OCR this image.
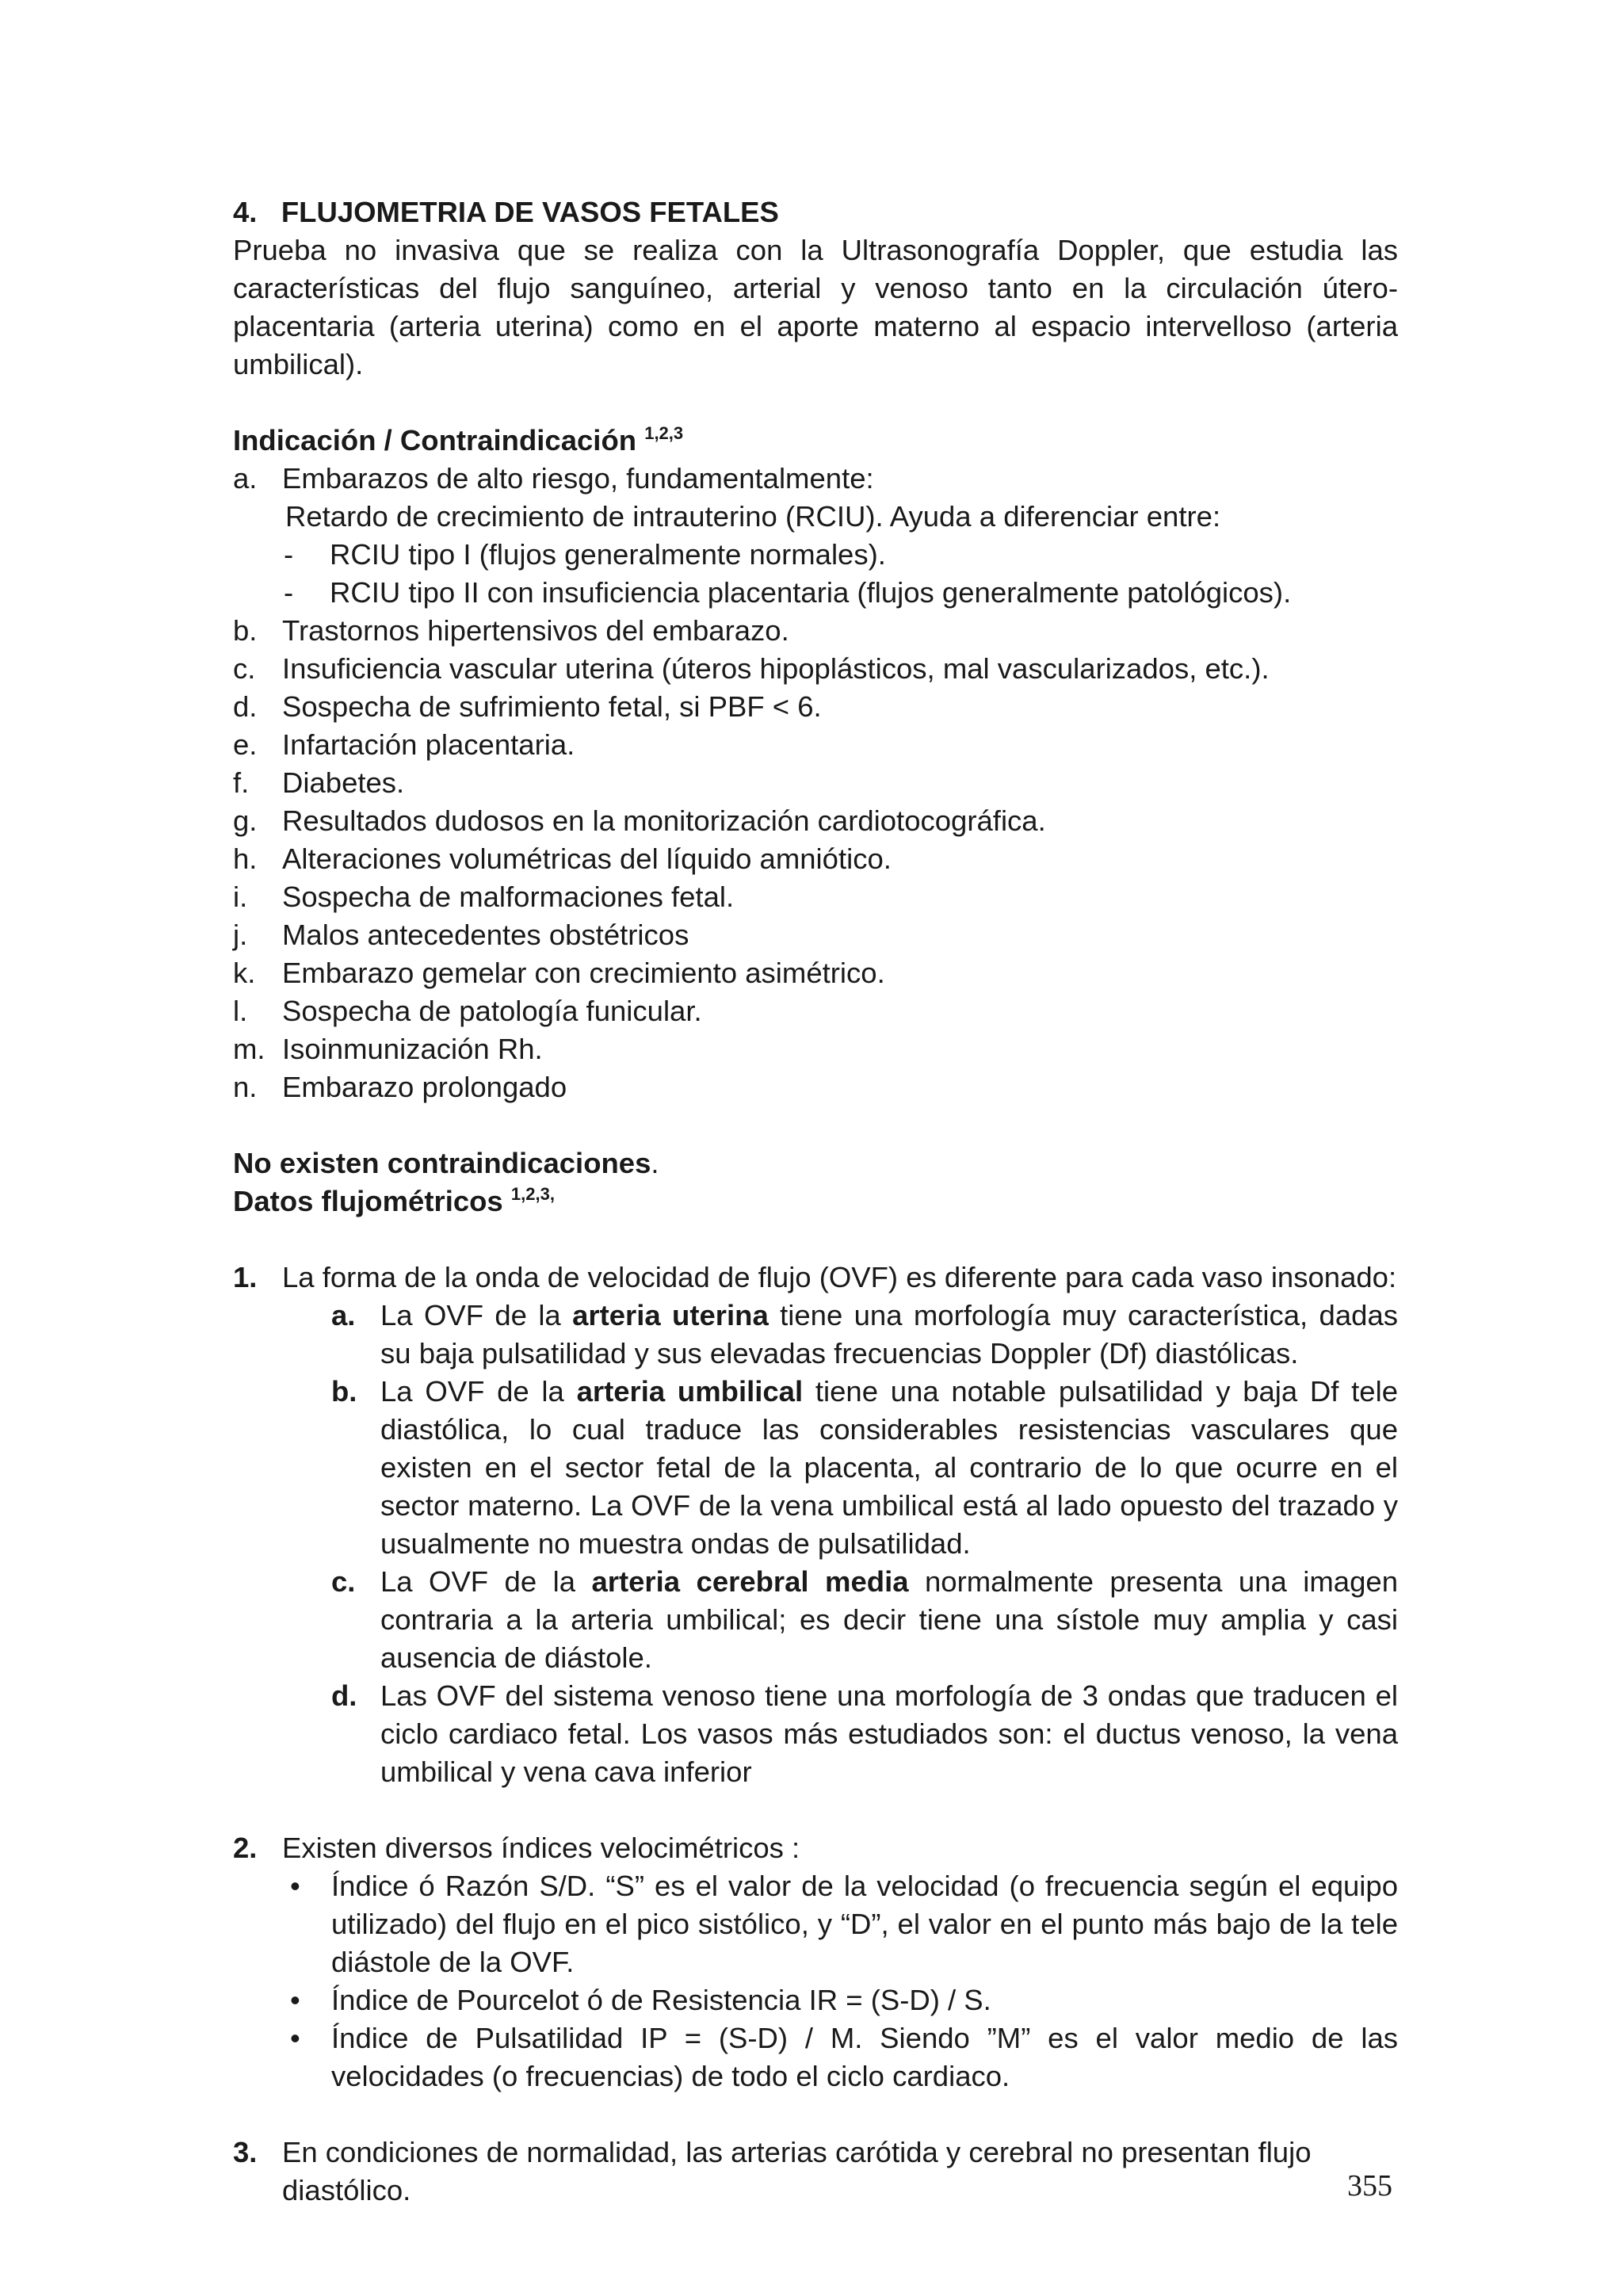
4.   FLUJOMETRIA DE VASOS FETALES
Prueba no invasiva que se realiza con la Ultrasonografía Doppler, que estudia las características del flujo sanguíneo, arterial y venoso tanto en la circulación útero-placentaria (arteria uterina) como en el aporte materno al espacio intervelloso (arteria umbilical).
Indicación / Contraindicación $^{1,2,3}$
a. Embarazos de alto riesgo, fundamentalmente:
Retardo de crecimiento de intrauterino (RCIU). Ayuda a diferenciar entre:
- RCIU tipo I (flujos generalmente normales).
- RCIU tipo II con insuficiencia placentaria (flujos generalmente patológicos).
b. Trastornos hipertensivos del embarazo.
c. Insuficiencia vascular uterina (úteros hipoplásticos, mal vascularizados, etc.).
d. Sospecha de sufrimiento fetal, si PBF < 6.
e. Infartación placentaria.
f. Diabetes.
g. Resultados dudosos en la monitorización cardiotocográfica.
h. Alteraciones volumétricas del líquido amniótico.
i. Sospecha de malformaciones fetal.
j. Malos antecedentes obstétricos
k. Embarazo gemelar con crecimiento asimétrico.
l. Sospecha de patología funicular.
m. Isoinmunización Rh.
n. Embarazo prolongado
No existen contraindicaciones.
Datos flujométricos $^{1,2,3,}$
1. La forma de la onda de velocidad de flujo (OVF) es diferente para cada vaso insonado:
a. La OVF de la arteria uterina tiene una morfología muy característica, dadas su baja pulsatilidad y sus elevadas frecuencias Doppler (Df) diastólicas.
b. La OVF de la arteria umbilical tiene una notable pulsatilidad y baja Df tele diastólica, lo cual traduce las considerables resistencias vasculares que existen en el sector fetal de la placenta, al contrario de lo que ocurre en el sector materno. La OVF de la vena umbilical está al lado opuesto del trazado y usualmente no muestra ondas de pulsatilidad.
c. La OVF de la arteria cerebral media normalmente presenta una imagen contraria a la arteria umbilical; es decir tiene una sístole muy amplia y casi ausencia de diástole.
d. Las OVF del sistema venoso tiene una morfología de 3 ondas que traducen el ciclo cardiaco fetal. Los vasos más estudiados son: el ductus venoso, la vena umbilical y vena cava inferior
2. Existen diversos índices velocimétricos :
• Índice ó Razón S/D. “S” es el valor de la velocidad (o frecuencia según el equipo utilizado) del flujo en el pico sistólico, y “D”, el valor en el punto más bajo de la tele diástole de la OVF.
• Índice de Pourcelot ó de Resistencia IR = (S-D) / S.
• Índice de Pulsatilidad IP = (S-D) / M. Siendo ”M” es el valor medio de las velocidades (o frecuencias) de todo el ciclo cardiaco.
3. En condiciones de normalidad, las arterias carótida y cerebral no presentan flujo diastólico.	355
